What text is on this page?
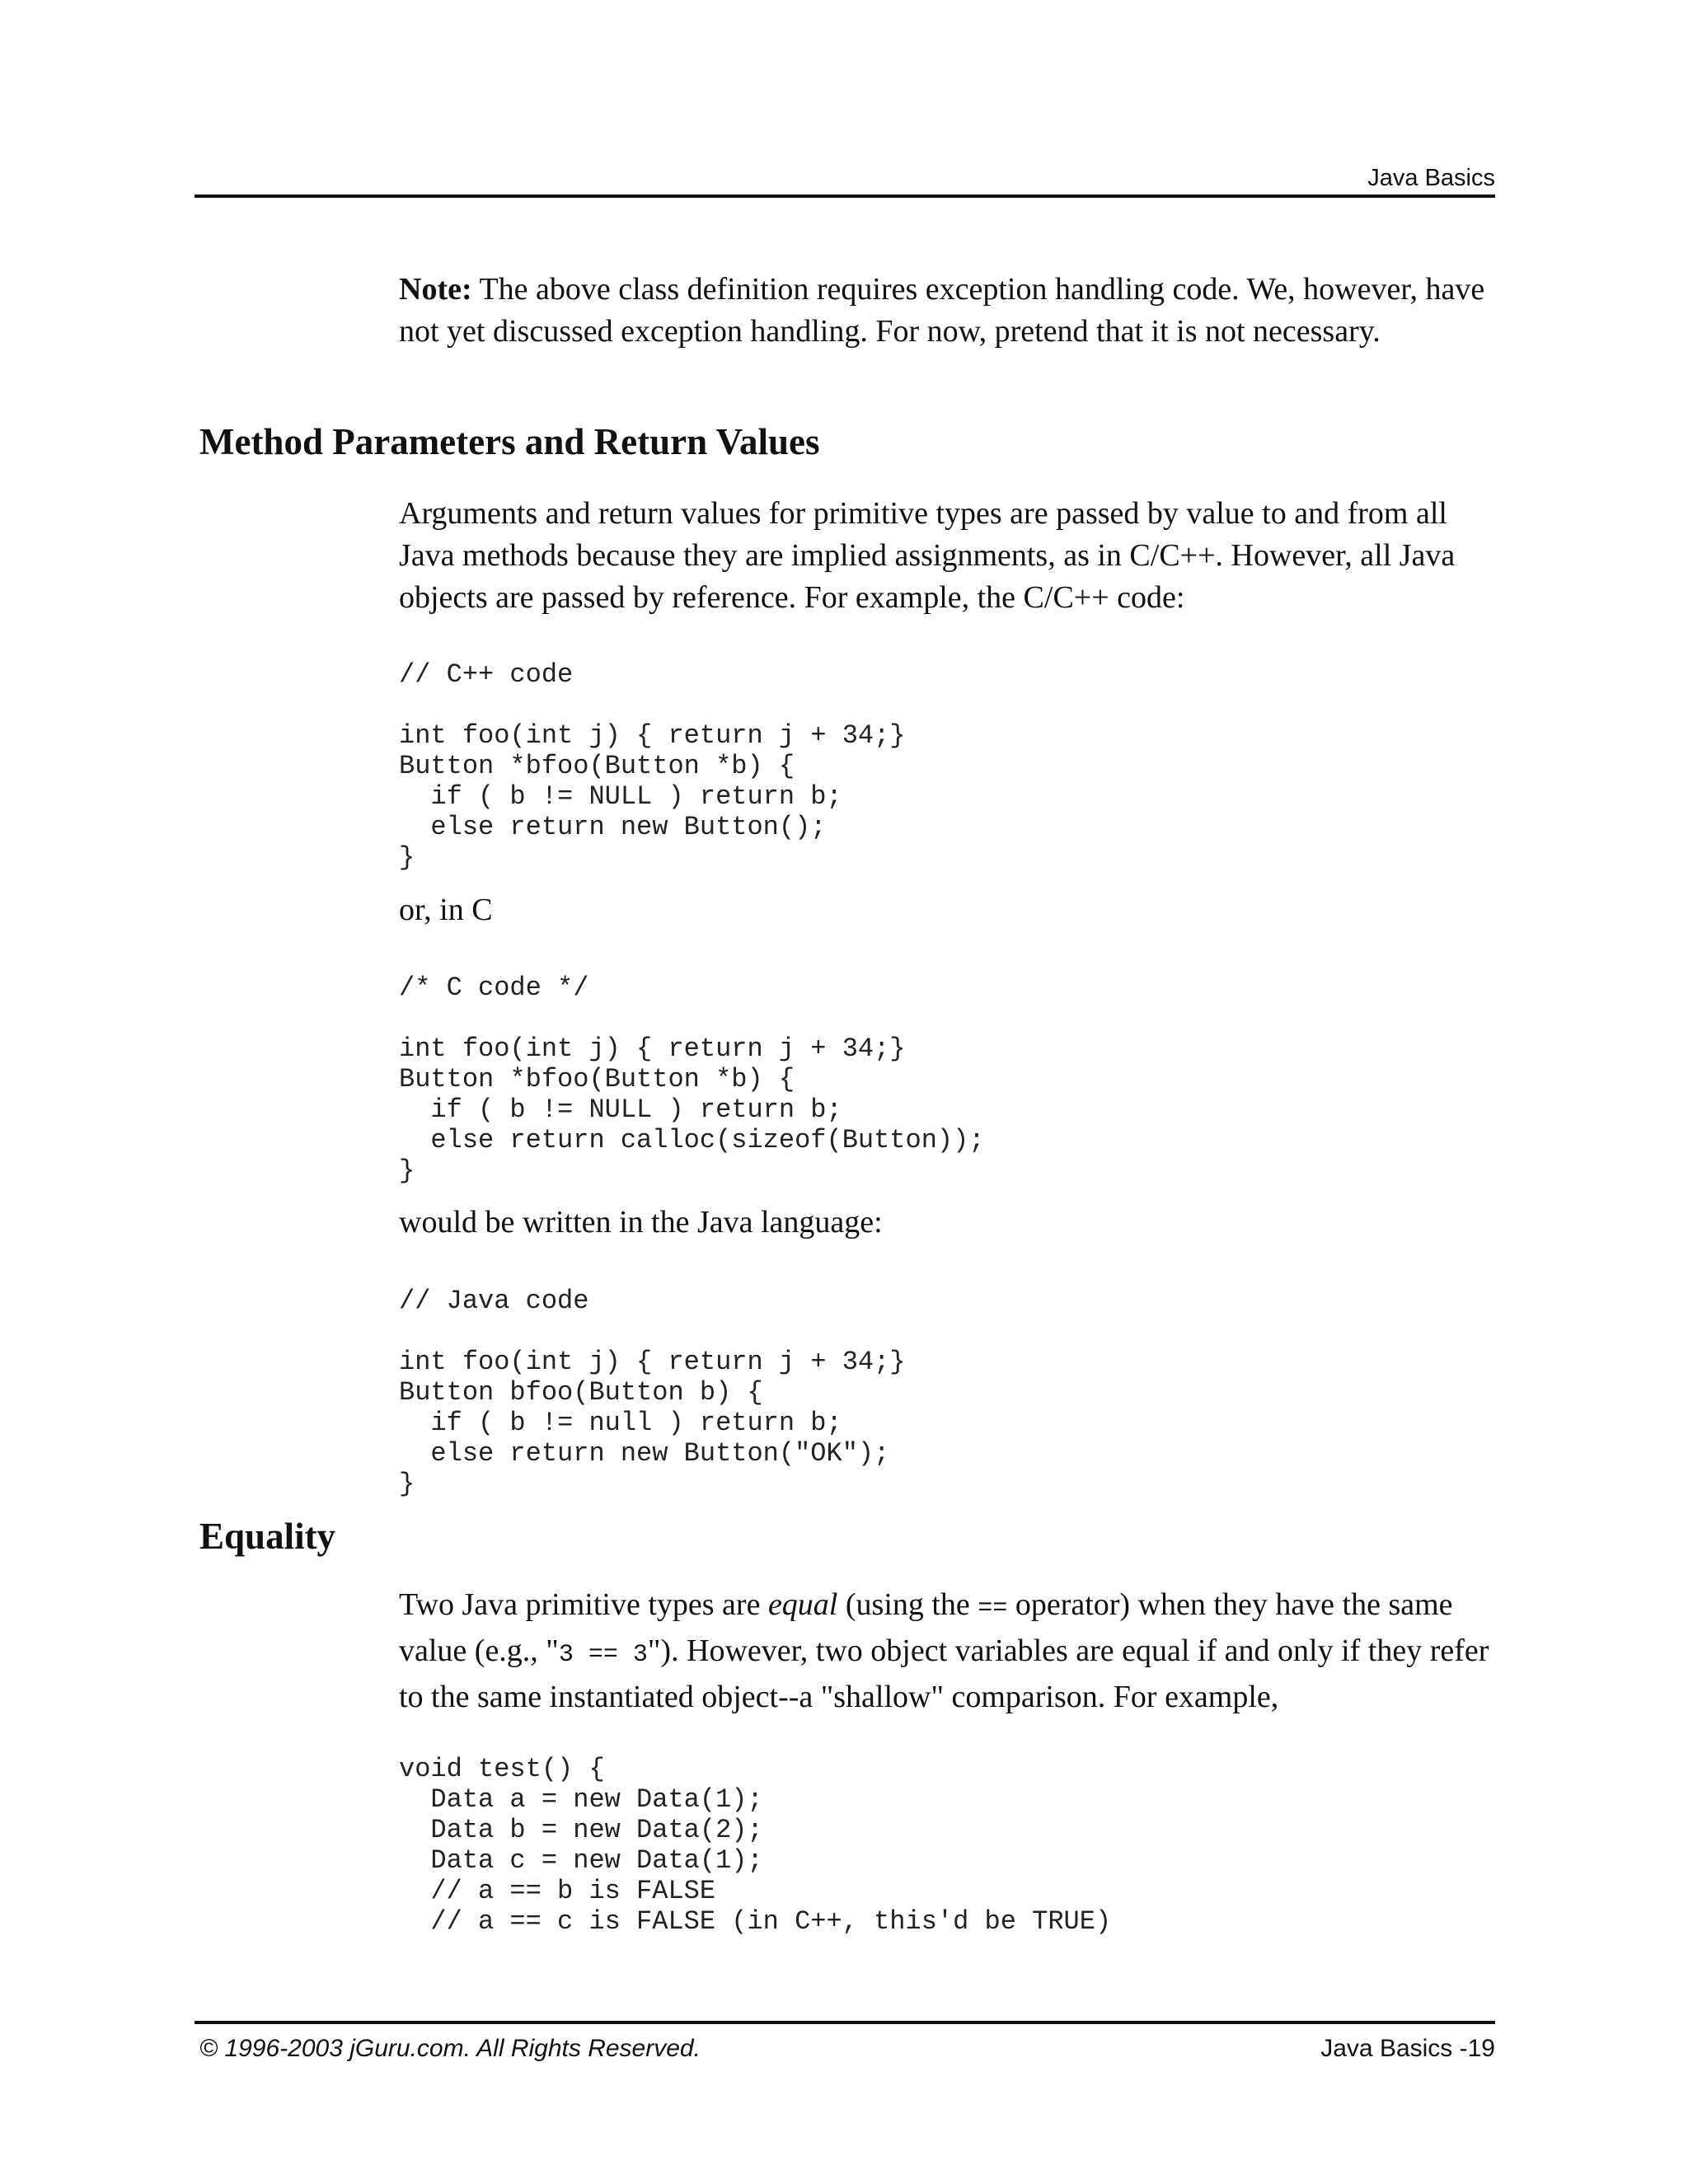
Java Basics

Note: The above class definition requires exception handling code. We, however, have not yet discussed exception handling. For now, pretend that it is not necessary.

Method Parameters and Return Values

Arguments and return values for primitive types are passed by value to and from all Java methods because they are implied assignments, as in C/C++. However, all Java objects are passed by reference. For example, the C/C++ code:

// C++ code

int foo(int j) { return j + 34;}
Button *bfoo(Button *b) {
if ( b != NULL ) return b;
else return new Button();
}

or, in C

/* C code */

int foo(int j) { return j + 34;}
Button *bfoo(Button *b) {
if ( b != NULL ) return b;
else return calloc(sizeof(Button));
}

would be written in the Java language:

// Java code

int foo(int j) { return j + 34;}
Button bfoo(Button b) {
if ( b != null ) return b;
else return new Button("OK");
}
Equality

Two Java primitive types are equal (using the == operator) when they have the same value (e.g., "3 == 3"). However, two object variables are equal if and only if they refer to the same instantiated object--a "shallow" comparison. For example,

void test() {
Data a = new Data(1);
Data b = new Data(2);
Data c = new Data(1);
// a == b is FALSE
// a == c is FALSE (in C++, this'd be TRUE)
© 1996-2003 jGuru.com. All Rights Reserved.	Java Basics -19
